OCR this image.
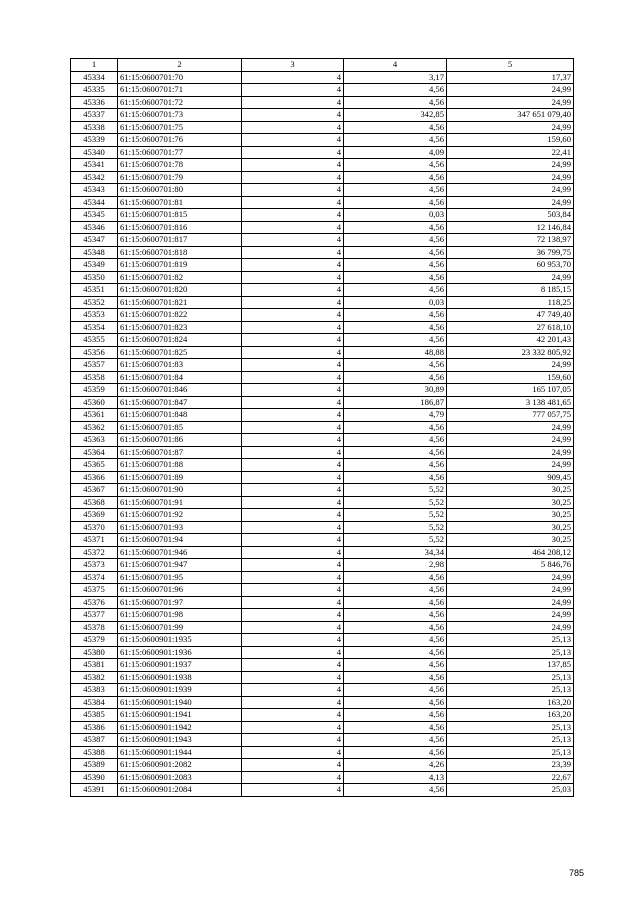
1	2	3	4	5
45334	61:15:0600701:70	4	3,17	17,37
45335	61:15:0600701:71	4	4,56	24,99
45336	61:15:0600701:72	4	4,56	24,99
45337	61:15:0600701:73	4	342,85	347 651 079,40
45338	61:15:0600701:75	4	4,56	24,99
45339	61:15:0600701:76	4	4,56	159,60
45340	61:15:0600701:77	4	4,09	22,41
45341	61:15:0600701:78	4	4,56	24,99
45342	61:15:0600701:79	4	4,56	24,99
45343	61:15:0600701:80	4	4,56	24,99
45344	61:15:0600701:81	4	4,56	24,99
45345	61:15:0600701:815	4	0,03	503,84
45346	61:15:0600701:816	4	4,56	12 146,84
45347	61:15:0600701:817	4	4,56	72 138,97
45348	61:15:0600701:818	4	4,56	36 799,75
45349	61:15:0600701:819	4	4,56	60 953,70
45350	61:15:0600701:82	4	4,56	24,99
45351	61:15:0600701:820	4	4,56	8 185,15
45352	61:15:0600701:821	4	0,03	118,25
45353	61:15:0600701:822	4	4,56	47 749,40
45354	61:15:0600701:823	4	4,56	27 618,10
45355	61:15:0600701:824	4	4,56	42 201,43
45356	61:15:0600701:825	4	48,88	23 332 805,92
45357	61:15:0600701:83	4	4,56	24,99
45358	61:15:0600701:84	4	4,56	159,60
45359	61:15:0600701:846	4	30,89	165 107,05
45360	61:15:0600701:847	4	186,87	3 138 481,65
45361	61:15:0600701:848	4	4,79	777 057,75
45362	61:15:0600701:85	4	4,56	24,99
45363	61:15:0600701:86	4	4,56	24,99
45364	61:15:0600701:87	4	4,56	24,99
45365	61:15:0600701:88	4	4,56	24,99
45366	61:15:0600701:89	4	4,56	909,45
45367	61:15:0600701:90	4	5,52	30,25
45368	61:15:0600701:91	4	5,52	30,25
45369	61:15:0600701:92	4	5,52	30,25
45370	61:15:0600701:93	4	5,52	30,25
45371	61:15:0600701:94	4	5,52	30,25
45372	61:15:0600701:946	4	34,34	464 208,12
45373	61:15:0600701:947	4	2,98	5 846,76
45374	61:15:0600701:95	4	4,56	24,99
45375	61:15:0600701:96	4	4,56	24,99
45376	61:15:0600701:97	4	4,56	24,99
45377	61:15:0600701:98	4	4,56	24,99
45378	61:15:0600701:99	4	4,56	24,99
45379	61:15:0600901:1935	4	4,56	25,13
45380	61:15:0600901:1936	4	4,56	25,13
45381	61:15:0600901:1937	4	4,56	137,85
45382	61:15:0600901:1938	4	4,56	25,13
45383	61:15:0600901:1939	4	4,56	25,13
45384	61:15:0600901:1940	4	4,56	163,20
45385	61:15:0600901:1941	4	4,56	163,20
45386	61:15:0600901:1942	4	4,56	25,13
45387	61:15:0600901:1943	4	4,56	25,13
45388	61:15:0600901:1944	4	4,56	25,13
45389	61:15:0600901:2082	4	4,26	23,39
45390	61:15:0600901:2083	4	4,13	22,67
45391	61:15:0600901:2084	4	4,56	25,03
785
